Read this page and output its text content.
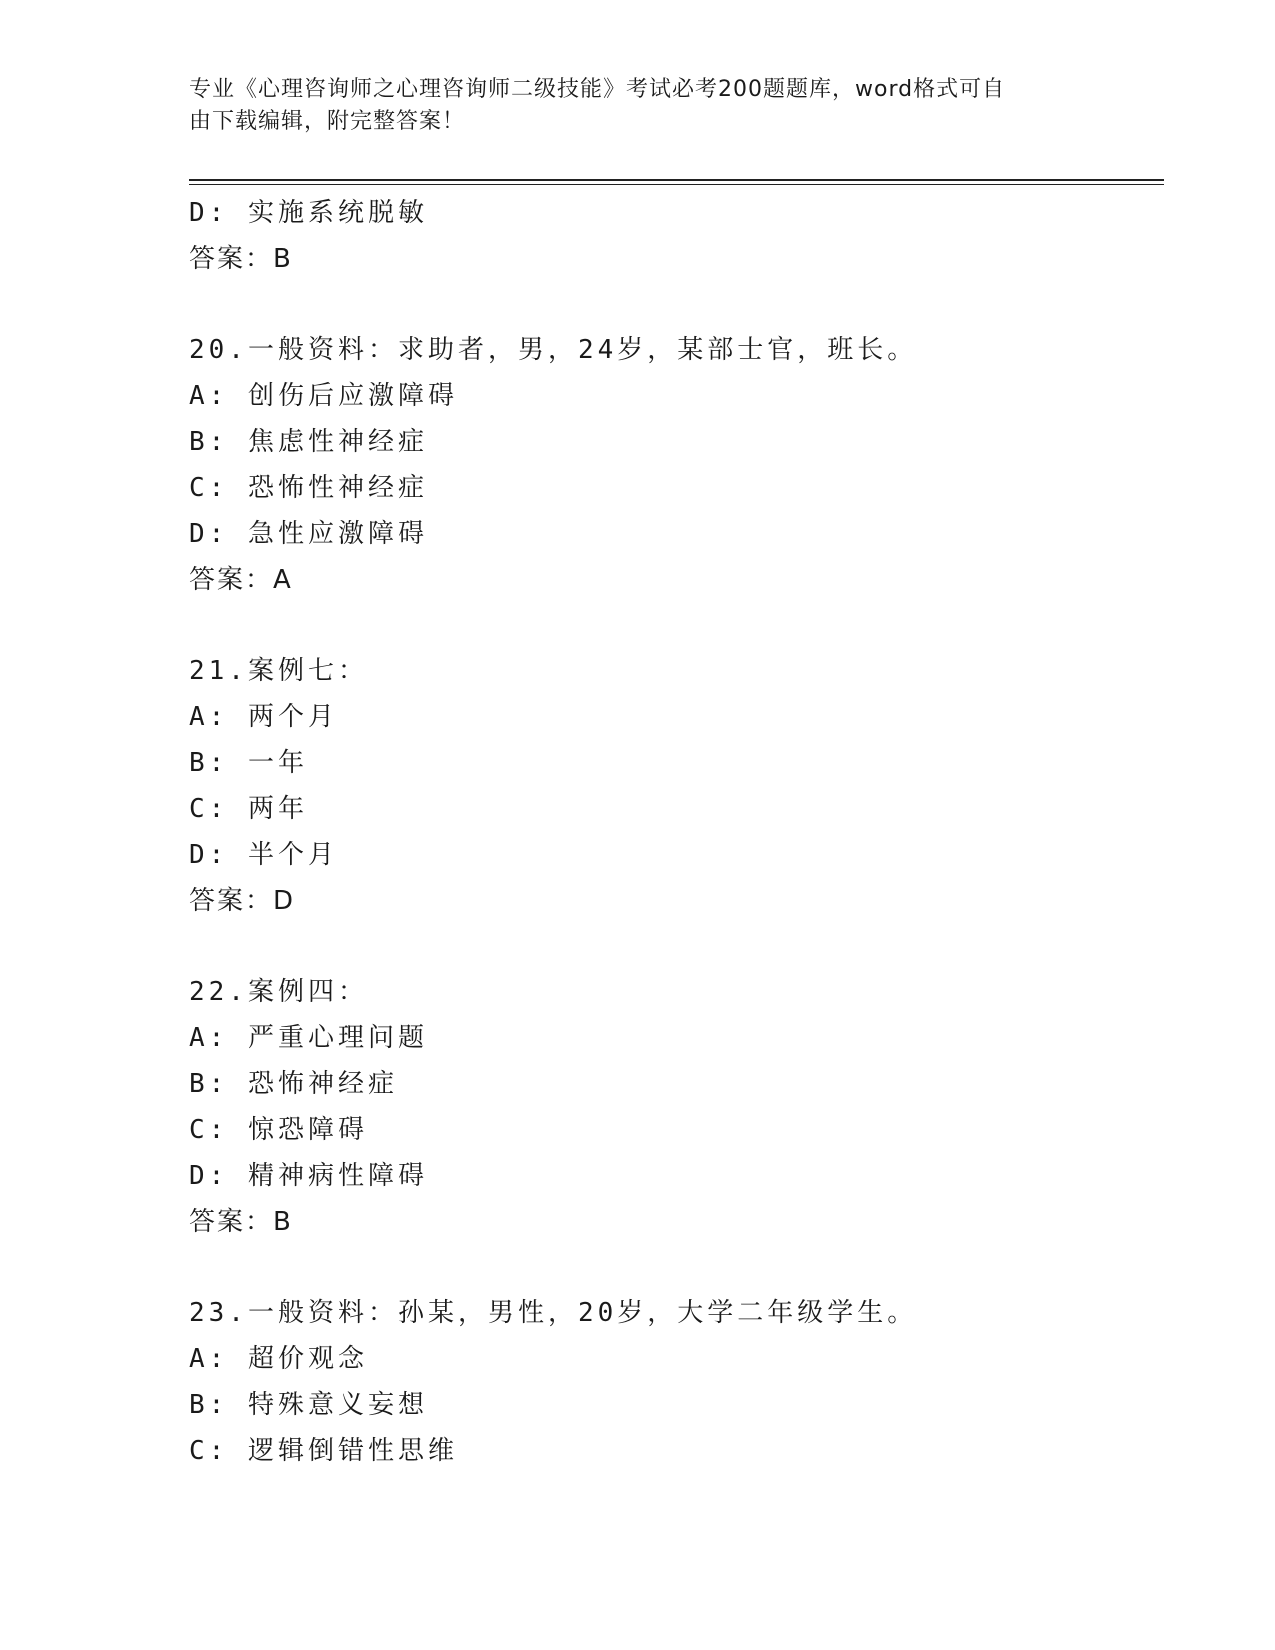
专业《心理咨询师之心理咨询师二级技能》考试必考200题题库，word格式可自
由下载编辑，附完整答案！
D: 实施系统脱敏
答案：B
20.一般资料：求助者，男，24岁，某部士官，班长。
A: 创伤后应激障碍
B: 焦虑性神经症
C: 恐怖性神经症
D: 急性应激障碍
答案：A
21.案例七：
A: 两个月
B: 一年
C: 两年
D: 半个月
答案：D
22.案例四：
A: 严重心理问题
B: 恐怖神经症
C: 惊恐障碍
D: 精神病性障碍
答案：B
23.一般资料：孙某，男性，20岁，大学二年级学生。
A: 超价观念
B: 特殊意义妄想
C: 逻辑倒错性思维
